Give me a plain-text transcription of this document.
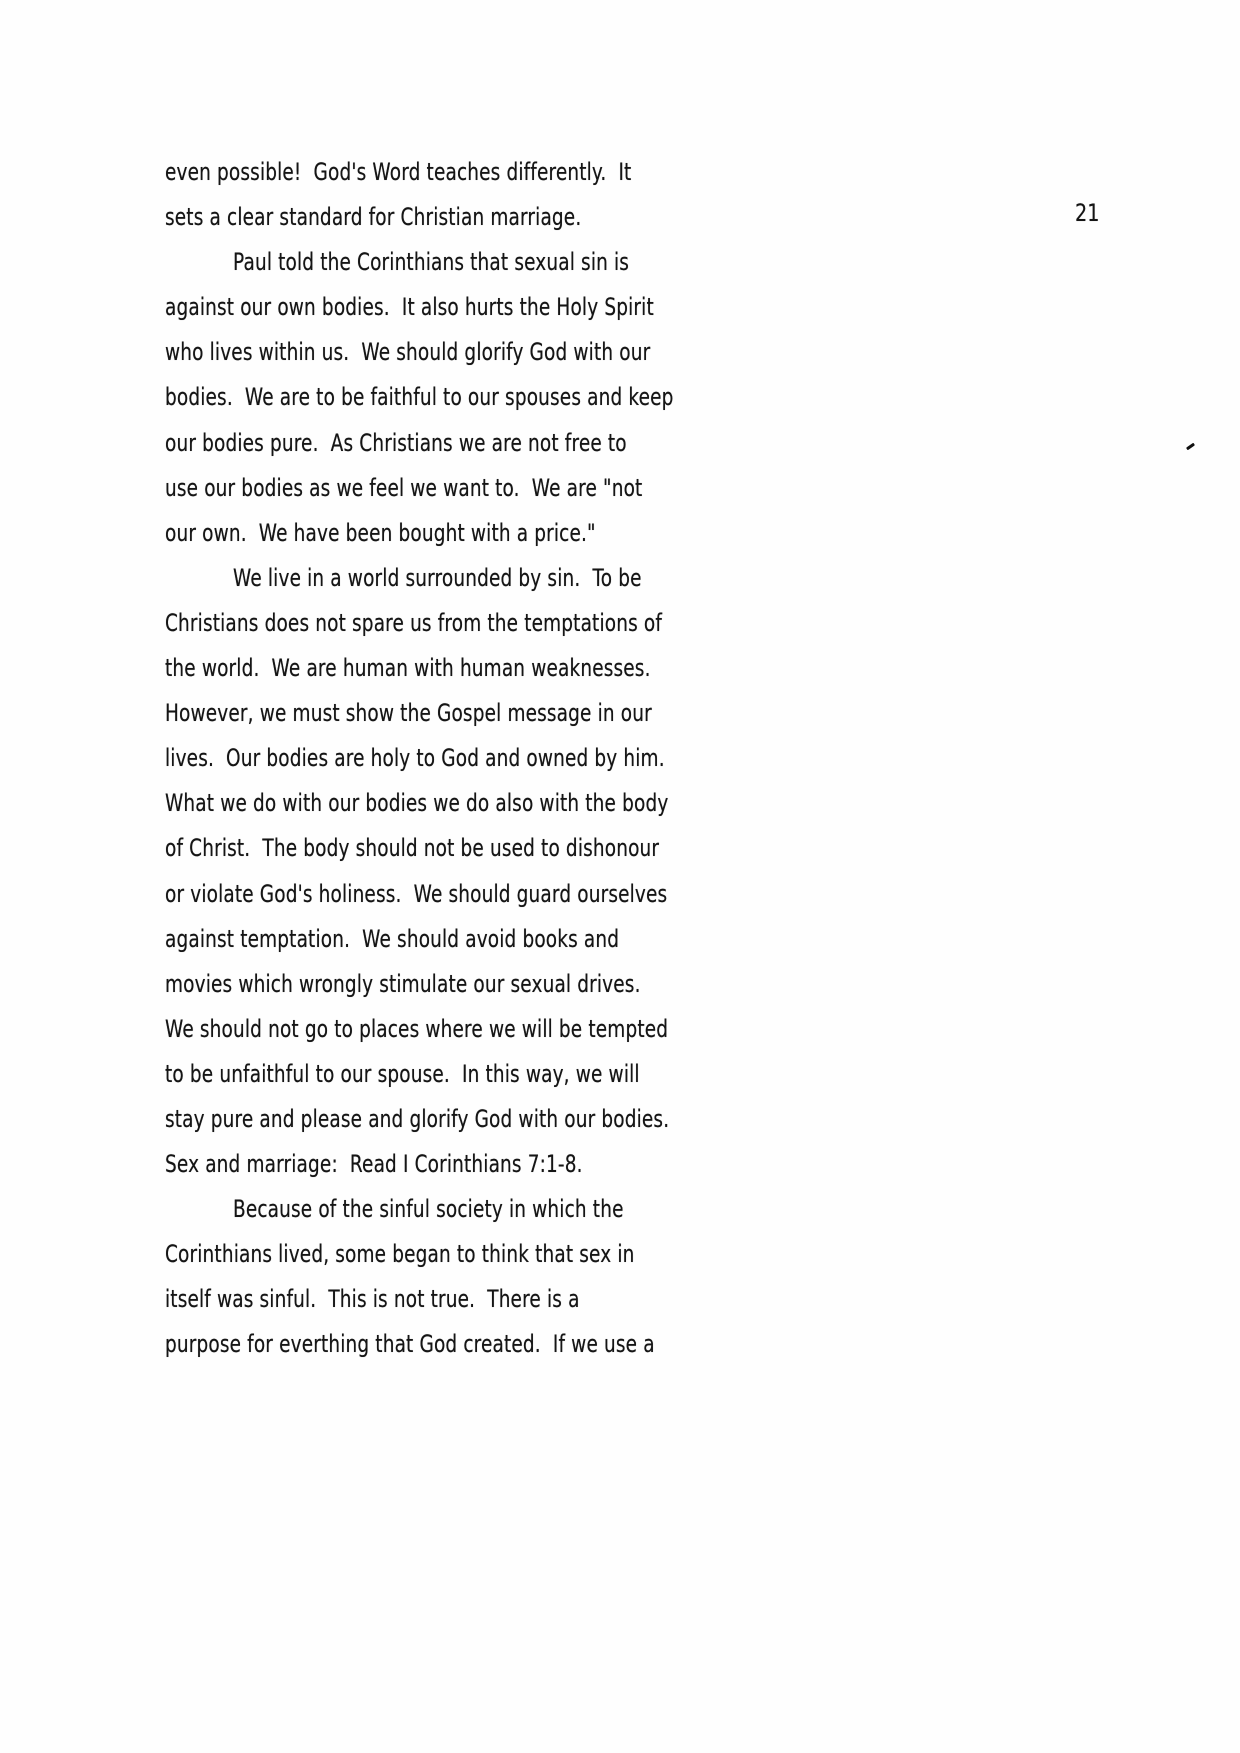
21

even possible!  God's Word teaches differently.  It
sets a clear standard for Christian marriage.
Paul told the Corinthians that sexual sin is
against our own bodies.  It also hurts the Holy Spirit
who lives within us.  We should glorify God with our
bodies.  We are to be faithful to our spouses and keep
our bodies pure.  As Christians we are not free to
use our bodies as we feel we want to.  We are "not
our own.  We have been bought with a price."
We live in a world surrounded by sin.  To be
Christians does not spare us from the temptations of
the world.  We are human with human weaknesses.
However, we must show the Gospel message in our
lives.  Our bodies are holy to God and owned by him.
What we do with our bodies we do also with the body
of Christ.  The body should not be used to dishonour
or violate God's holiness.  We should guard ourselves
against temptation.  We should avoid books and
movies which wrongly stimulate our sexual drives.
We should not go to places where we will be tempted
to be unfaithful to our spouse.  In this way, we will
stay pure and please and glorify God with our bodies.
Sex and marriage:  Read I Corinthians 7:1-8.
Because of the sinful society in which the
Corinthians lived, some began to think that sex in
itself was sinful.  This is not true.  There is a
purpose for everthing that God created.  If we use a
